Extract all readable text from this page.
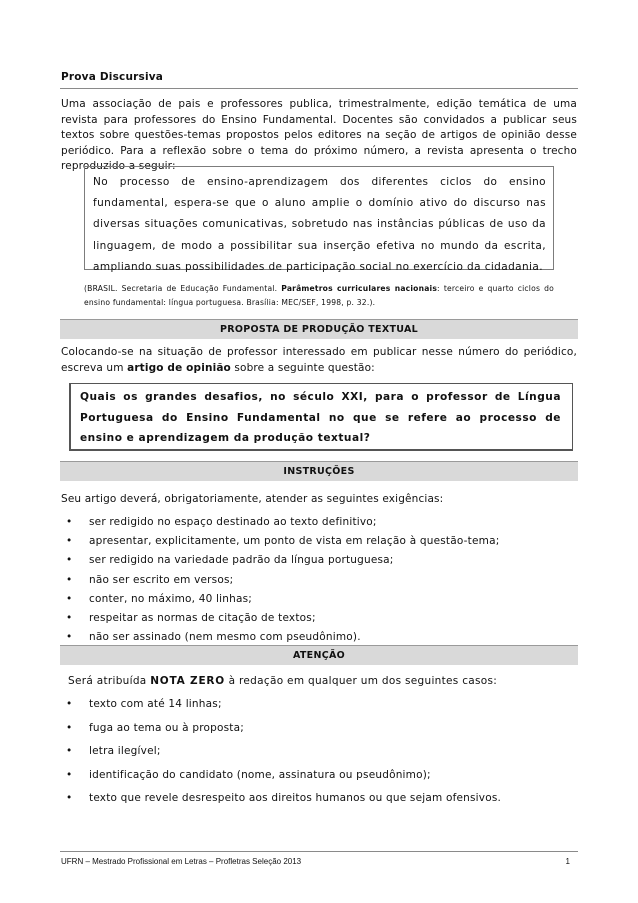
Prova Discursiva
Uma associação de pais e professores publica, trimestralmente, edição temática de uma revista para professores do Ensino Fundamental. Docentes são convidados a publicar seus textos sobre questões-temas propostos pelos editores na seção de artigos de opinião desse periódico. Para a reflexão sobre o tema do próximo número, a revista apresenta o trecho reproduzido a seguir:
No processo de ensino-aprendizagem dos diferentes ciclos do ensino fundamental, espera-se que o aluno amplie o domínio ativo do discurso nas diversas situações comunicativas, sobretudo nas instâncias públicas de uso da linguagem, de modo a possibilitar sua inserção efetiva no mundo da escrita, ampliando suas possibilidades de participação social no exercício da cidadania.
(BRASIL. Secretaria de Educação Fundamental. Parâmetros curriculares nacionais: terceiro e quarto ciclos do ensino fundamental: língua portuguesa. Brasília: MEC/SEF, 1998, p. 32.).
PROPOSTA DE PRODUÇÃO TEXTUAL
Colocando-se na situação de professor interessado em publicar nesse número do periódico, escreva um artigo de opinião sobre a seguinte questão:
Quais os grandes desafios, no século XXI, para o professor de Língua Portuguesa do Ensino Fundamental no que se refere ao processo de ensino e aprendizagem da produção textual?
INSTRUÇÕES
Seu artigo deverá, obrigatoriamente, atender as seguintes exigências:
• ser redigido no espaço destinado ao texto definitivo;
• apresentar, explicitamente, um ponto de vista em relação à questão-tema;
• ser redigido na variedade padrão da língua portuguesa;
• não ser escrito em versos;
• conter, no máximo, 40 linhas;
• respeitar as normas de citação de textos;
• não ser assinado (nem mesmo com pseudônimo).
ATENÇÃO
Será atribuída NOTA ZERO à redação em qualquer um dos seguintes casos:
• texto com até 14 linhas;
• fuga ao tema ou à proposta;
• letra ilegível;
• identificação do candidato (nome, assinatura ou pseudônimo);
• texto que revele desrespeito aos direitos humanos ou que sejam ofensivos.
UFRN – Mestrado Profissional em Letras – Profletras Seleção 2013	1
